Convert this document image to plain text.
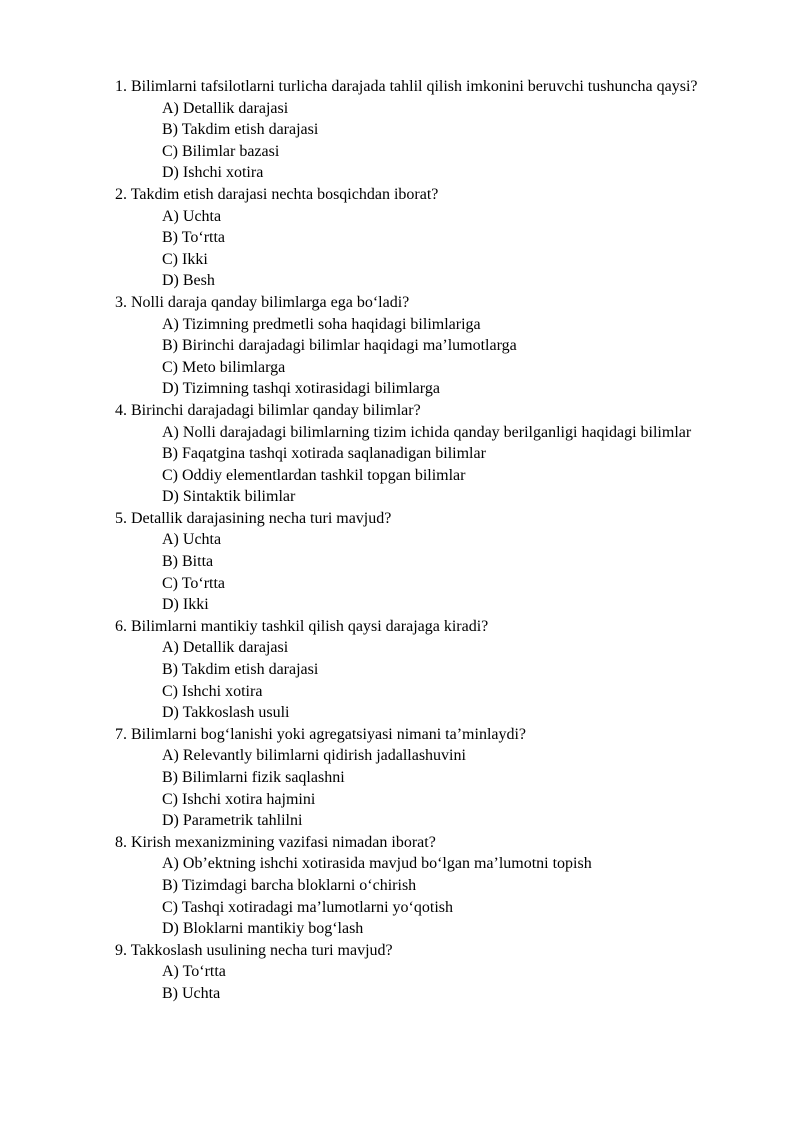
1. Bilimlarni tafsilotlarni turlicha darajada tahlil qilish imkonini beruvchi tushuncha qaysi?

A) Detallik darajasi

B) Takdim etish darajasi

C) Bilimlar bazasi

D) Ishchi xotira

2. Takdim etish darajasi nechta bosqichdan iborat?

A) Uchta

B) To‘rtta

C) Ikki

D) Besh

3. Nolli daraja qanday bilimlarga ega bo‘ladi?

A) Tizimning predmetli soha haqidagi bilimlariga

B) Birinchi darajadagi bilimlar haqidagi ma’lumotlarga

C) Meto bilimlarga

D) Tizimning tashqi xotirasidagi bilimlarga

4. Birinchi darajadagi bilimlar qanday bilimlar?

A) Nolli darajadagi bilimlarning tizim ichida qanday berilganligi haqidagi bilimlar

B) Faqatgina tashqi xotirada saqlanadigan bilimlar

C) Oddiy elementlardan tashkil topgan bilimlar

D) Sintaktik bilimlar

5. Detallik darajasining necha turi mavjud?

A) Uchta

B) Bitta

C) To‘rtta

D) Ikki

6. Bilimlarni mantikiy tashkil qilish qaysi darajaga kiradi?

A) Detallik darajasi

B) Takdim etish darajasi

C) Ishchi xotira

D) Takkoslash usuli

7. Bilimlarni bog‘lanishi yoki agregatsiyasi nimani ta’minlaydi?

A) Relevantly bilimlarni qidirish jadallashuvini

B) Bilimlarni fizik saqlashni

C) Ishchi xotira hajmini

D) Parametrik tahlilni

8. Kirish mexanizmining vazifasi nimadan iborat?

A) Ob’ektning ishchi xotirasida mavjud bo‘lgan ma’lumotni topish

B) Tizimdagi barcha bloklarni o‘chirish

C) Tashqi xotiradagi ma’lumotlarni yo‘qotish

D) Bloklarni mantikiy bog‘lash

9. Takkoslash usulining necha turi mavjud?

A) To‘rtta

B) Uchta
